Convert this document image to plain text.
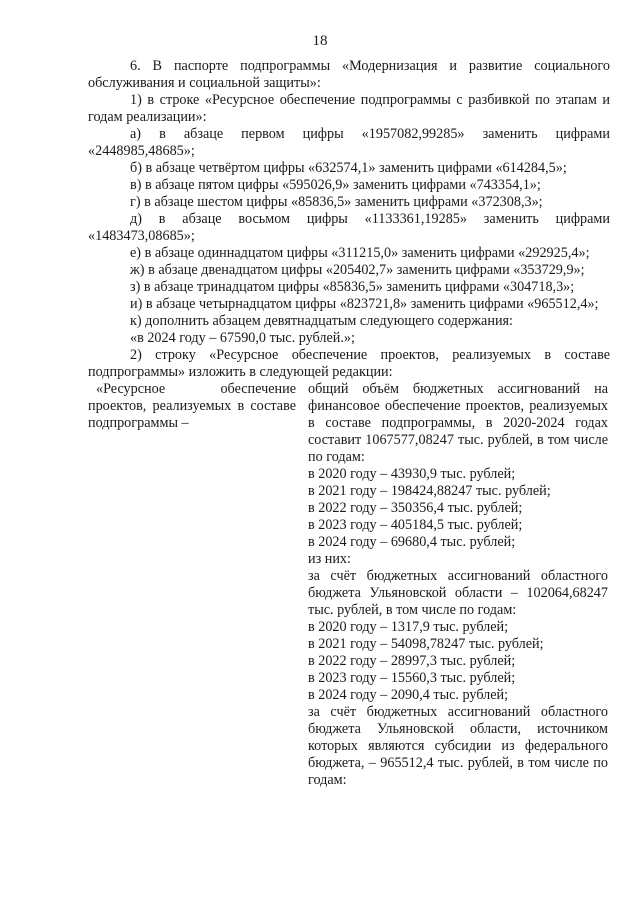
18

6. В паспорте подпрограммы «Модернизация и развитие социального обслуживания и социальной защиты»:

1) в строке «Ресурсное обеспечение подпрограммы с разбивкой по этапам и годам реализации»:

а) в абзаце первом цифры «1957082,99285» заменить цифрами «2448985,48685»;

б) в абзаце четвёртом цифры «632574,1» заменить цифрами «614284,5»;

в) в абзаце пятом цифры «595026,9» заменить цифрами «743354,1»;

г) в абзаце шестом цифры «85836,5» заменить цифрами «372308,3»;

д) в абзаце восьмом цифры «1133361,19285» заменить цифрами «1483473,08685»;

е) в абзаце одиннадцатом цифры «311215,0» заменить цифрами «292925,4»;

ж) в абзаце двенадцатом цифры «205402,7» заменить цифрами «353729,9»;

з) в абзаце тринадцатом цифры «85836,5» заменить цифрами «304718,3»;

и) в абзаце четырнадцатом цифры «823721,8» заменить цифрами «965512,4»;

к) дополнить абзацем девятнадцатым следующего содержания:

«в 2024 году – 67590,0 тыс. рублей.»;

2) строку «Ресурсное обеспечение проектов, реализуемых в составе подпрограммы» изложить в следующей редакции:

«Ресурсное обеспечение проектов, реализуемых в составе подпрограммы –

общий объём бюджетных ассигнований на финансовое обеспечение проектов, реализуемых в составе подпрограммы, в 2020-2024 годах составит 1067577,08247 тыс. рублей, в том числе по годам:

в 2020 году – 43930,9 тыс. рублей;

в 2021 году – 198424,88247 тыс. рублей;

в 2022 году – 350356,4 тыс. рублей;

в 2023 году – 405184,5 тыс. рублей;

в 2024 году – 69680,4 тыс. рублей;

из них:

за счёт бюджетных ассигнований областного бюджета Ульяновской области – 102064,68247 тыс. рублей, в том числе по годам:

в 2020 году – 1317,9 тыс. рублей;

в 2021 году – 54098,78247 тыс. рублей;

в 2022 году – 28997,3 тыс. рублей;

в 2023 году – 15560,3 тыс. рублей;

в 2024 году – 2090,4 тыс. рублей;

за счёт бюджетных ассигнований областного бюджета Ульяновской области, источником которых являются субсидии из федерального бюджета, – 965512,4 тыс. рублей, в том числе по годам:
